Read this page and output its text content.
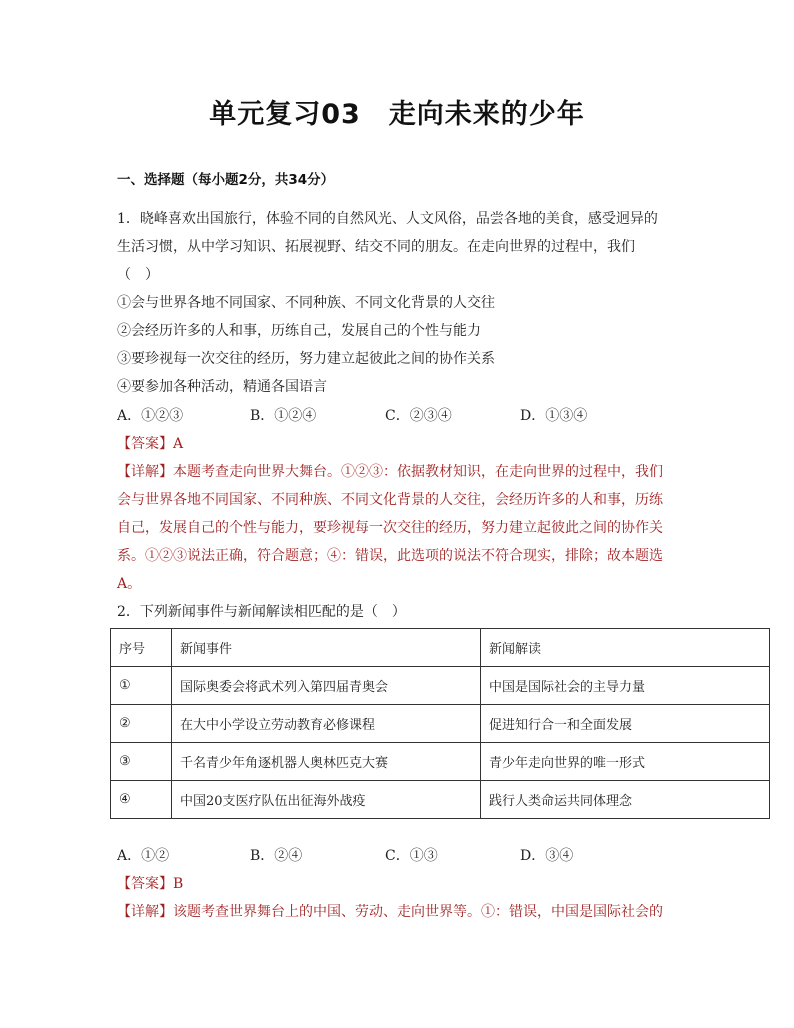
单元复习03　走向未来的少年
一、选择题（每小题2分，共34分）
1．晓峰喜欢出国旅行，体验不同的自然风光、人文风俗，品尝各地的美食，感受迥异的
生活习惯，从中学习知识、拓展视野、结交不同的朋友。在走向世界的过程中，我们
（　）
①会与世界各地不同国家、不同种族、不同文化背景的人交往
②会经历许多的人和事，历练自己，发展自己的个性与能力
③要珍视每一次交往的经历，努力建立起彼此之间的协作关系
④要参加各种活动，精通各国语言
A．①②③	B．①②④	C．②③④	D．①③④
【答案】A
【详解】本题考查走向世界大舞台。①②③：依据教材知识，在走向世界的过程中，我们
会与世界各地不同国家、不同种族、不同文化背景的人交往，会经历许多的人和事，历练
自己，发展自己的个性与能力，要珍视每一次交往的经历，努力建立起彼此之间的协作关
系。①②③说法正确，符合题意；④：错误，此选项的说法不符合现实，排除；故本题选
A。
2．下列新闻事件与新闻解读相匹配的是（　）
序号	新闻事件	新闻解读
①	国际奥委会将武术列入第四届青奥会	中国是国际社会的主导力量
②	在大中小学设立劳动教育必修课程	促进知行合一和全面发展
③	千名青少年角逐机器人奥林匹克大赛	青少年走向世界的唯一形式
④	中国20支医疗队伍出征海外战疫	践行人类命运共同体理念
A．①②	B．②④	C．①③	D．③④
【答案】B
【详解】该题考查世界舞台上的中国、劳动、走向世界等。①：错误，中国是国际社会的
